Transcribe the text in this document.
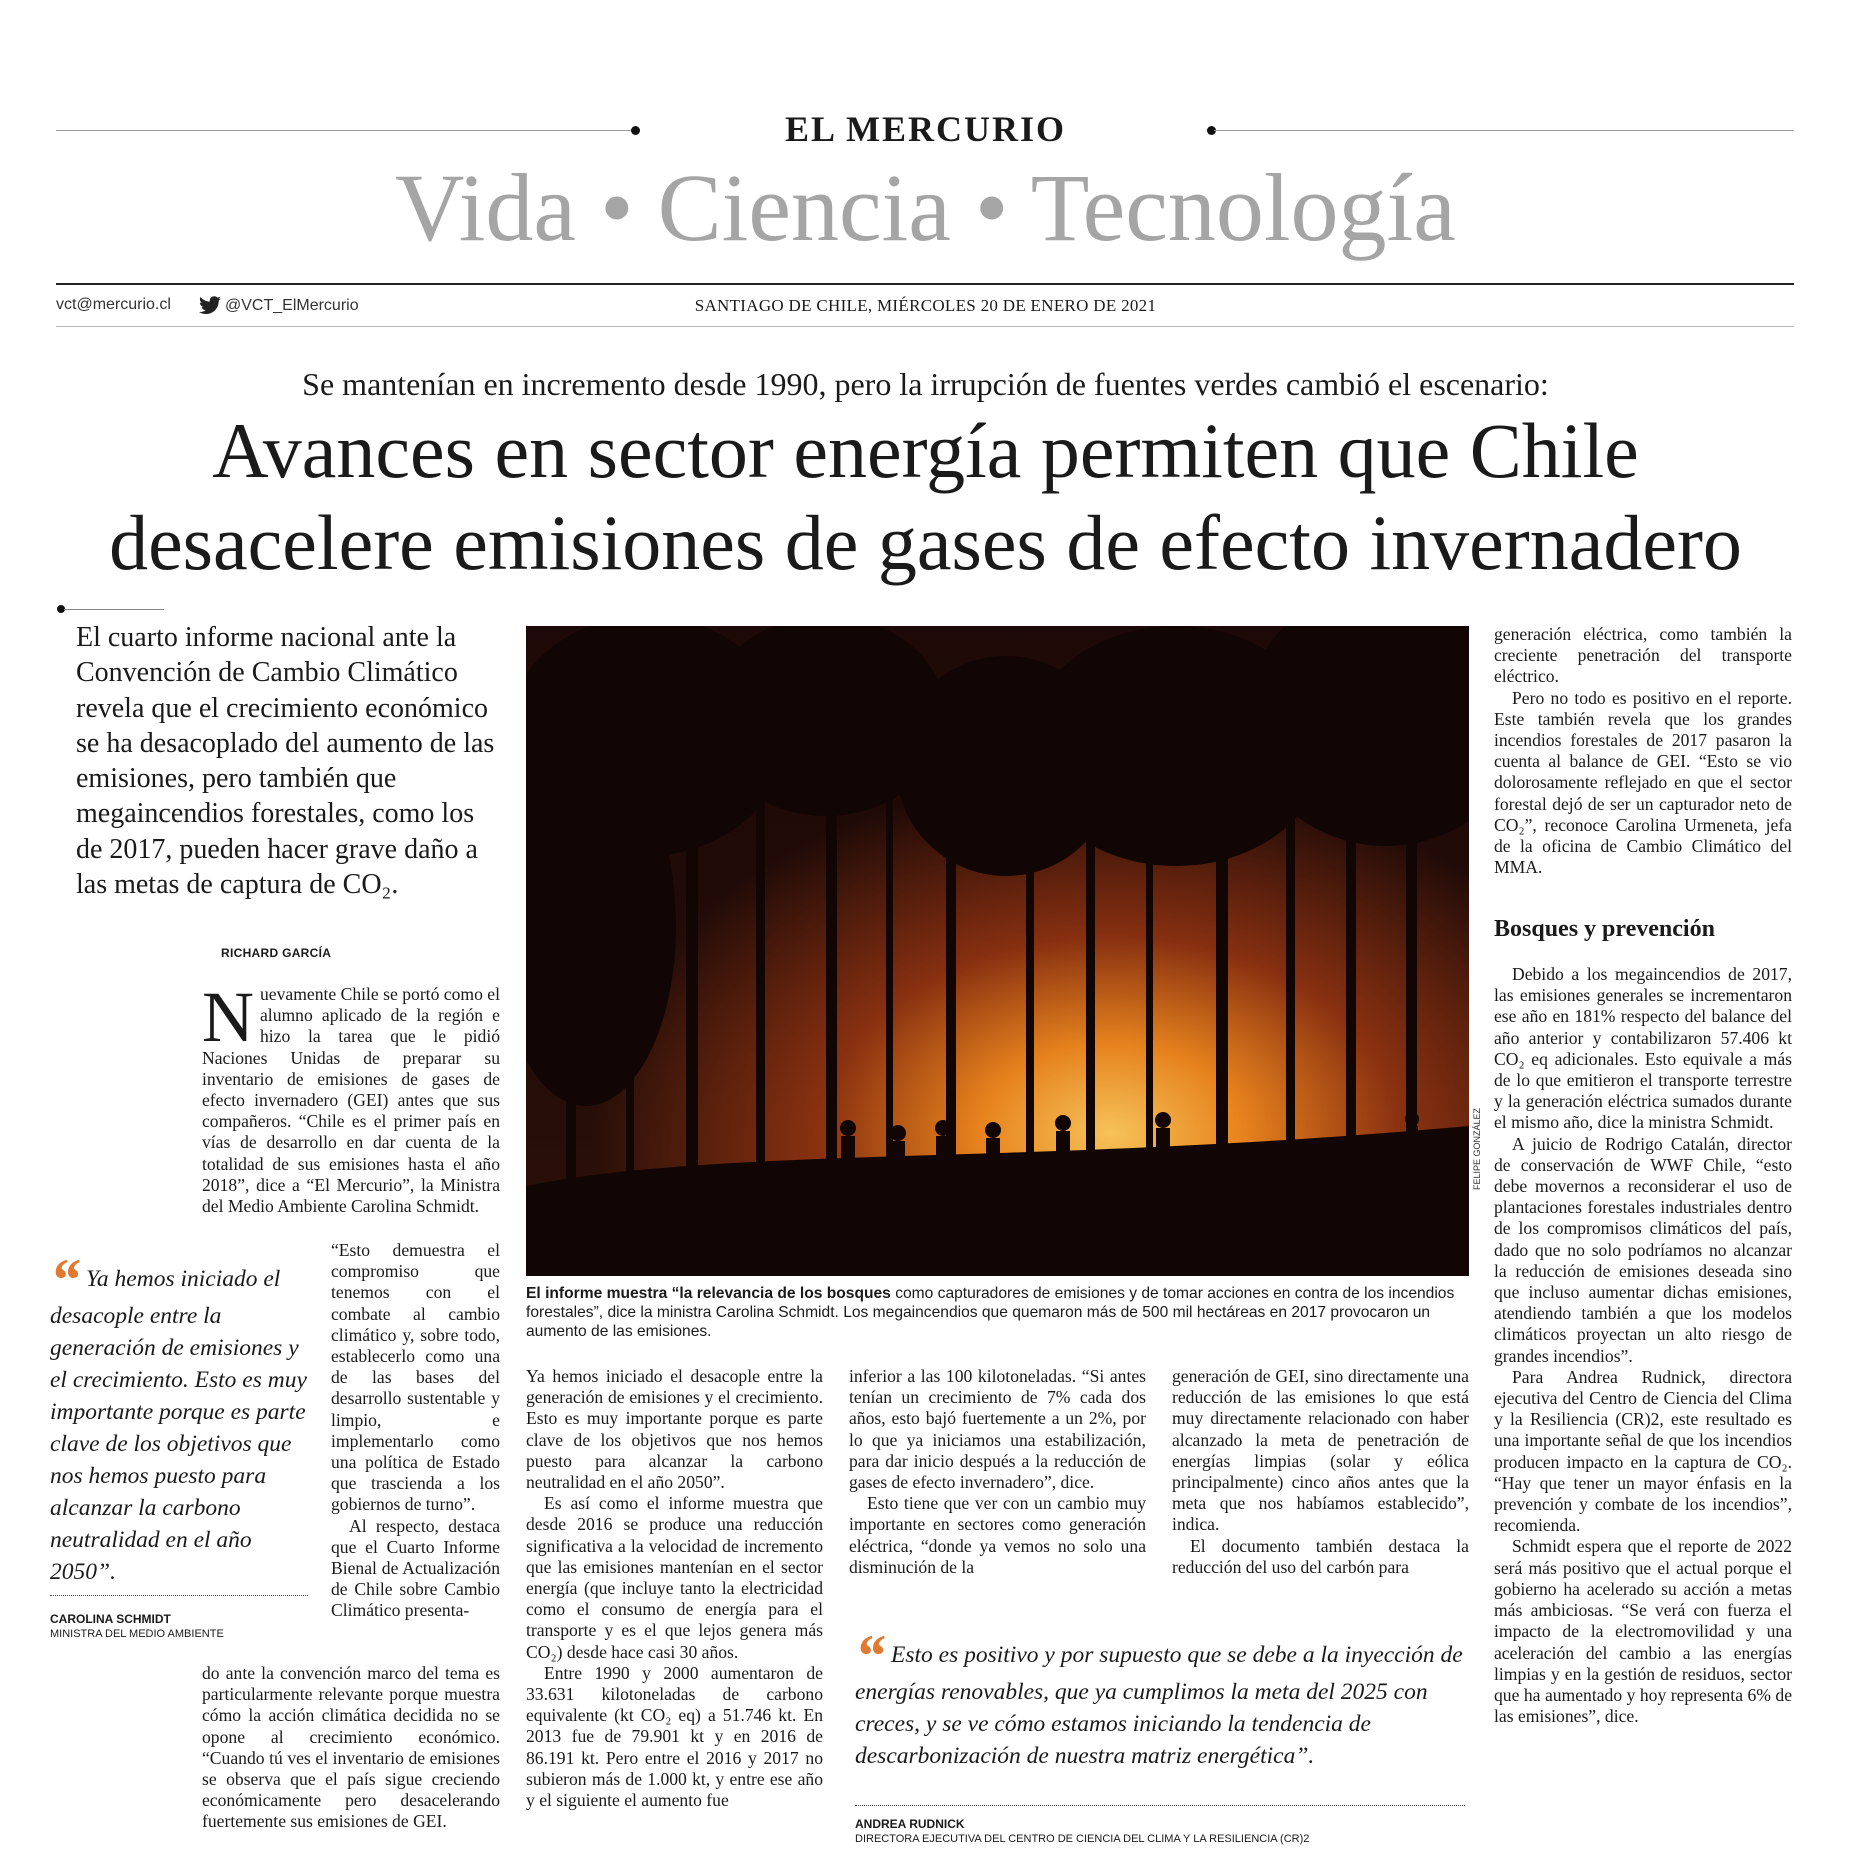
EL MERCURIO
Vida • Ciencia • Tecnología
vct@mercurio.cl	@VCT_ElMercurio	SANTIAGO DE CHILE, MIÉRCOLES 20 DE ENERO DE 2021
Se mantenían en incremento desde 1990, pero la irrupción de fuentes verdes cambió el escenario:
Avances en sector energía permiten que Chile
desacelere emisiones de gases de efecto invernadero
El cuarto informe nacional ante la Convención de Cambio Climático revela que el crecimiento económico se ha desacoplado del aumento de las emisiones, pero también que megaincendios forestales, como los de 2017, pueden hacer grave daño a las metas de captura de CO₂.
RICHARD GARCÍA

Nuevamente Chile se portó como el alumno aplicado de la región e hizo la tarea que le pidió Naciones Unidas de preparar su inventario de emisiones de gases de efecto invernadero (GEI) antes que sus compañeros. “Chile es el primer país en vías de desarrollo en dar cuenta de la totalidad de sus emisiones hasta el año 2018”, dice a “El Mercurio”, la Ministra del Medio Ambiente Carolina Schmidt.

“Esto demuestra el compromiso que tenemos con el combate al cambio climático y, sobre todo, establecerlo como una de las bases del desarrollo sustentable y limpio, e implementarlo como una política de Estado que trascienda a los gobiernos de turno”.

Al respecto, destaca que el Cuarto Informe Bienal de Actualización de Chile sobre Cambio Climático presenta-

do ante la convención marco del tema es particularmente relevante porque muestra cómo la acción climática decidida no se opone al crecimiento económico. “Cuando tú ves el inventario de emisiones se observa que el país sigue creciendo económicamente pero desacelerando fuertemente sus emisiones de GEI.

“ Ya hemos iniciado el desacople entre la generación de emisiones y el crecimiento. Esto es muy importante porque es parte clave de los objetivos que nos hemos puesto para alcanzar la carbono neutralidad en el año 2050”.
CAROLINA SCHMIDT
MINISTRA DEL MEDIO AMBIENTE
FELIPE GONZÁLEZ
El informe muestra “la relevancia de los bosques como capturadores de emisiones y de tomar acciones en contra de los incendios forestales”, dice la ministra Carolina Schmidt. Los megaincendios que quemaron más de 500 mil hectáreas en 2017 provocaron un aumento de las emisiones.

Ya hemos iniciado el desacople entre la generación de emisiones y el crecimiento. Esto es muy importante porque es parte clave de los objetivos que nos hemos puesto para alcanzar la carbono neutralidad en el año 2050”.

Es así como el informe muestra que desde 2016 se produce una reducción significativa a la velocidad de incremento que las emisiones mantenían en el sector energía (que incluye tanto la electricidad como el consumo de energía para el transporte y es el que lejos genera más CO₂) desde hace casi 30 años.

Entre 1990 y 2000 aumentaron de 33.631 kilotoneladas de carbono equivalente (kt CO₂ eq) a 51.746 kt. En 2013 fue de 79.901 kt y en 2016 de 86.191 kt. Pero entre el 2016 y 2017 no subieron más de 1.000 kt, y entre ese año y el siguiente el aumento fue

inferior a las 100 kilotoneladas. “Si antes tenían un crecimiento de 7% cada dos años, esto bajó fuertemente a un 2%, por lo que ya iniciamos una estabilización, para dar inicio después a la reducción de gases de efecto invernadero”, dice.

Esto tiene que ver con un cambio muy importante en sectores como generación eléctrica, “donde ya vemos no solo una disminución de la

generación de GEI, sino directamente una reducción de las emisiones lo que está muy directamente relacionado con haber alcanzado la meta de penetración de energías limpias (solar y eólica principalmente) cinco años antes que la meta que nos habíamos establecido”, indica.

El documento también destaca la reducción del uso del carbón para

“ Esto es positivo y por supuesto que se debe a la inyección de energías renovables, que ya cumplimos la meta del 2025 con creces, y se ve cómo estamos iniciando la tendencia de descarbonización de nuestra matriz energética”.
ANDREA RUDNICK
DIRECTORA EJECUTIVA DEL CENTRO DE CIENCIA DEL CLIMA Y LA RESILIENCIA (CR)2

generación eléctrica, como también la creciente penetración del transporte eléctrico.

Pero no todo es positivo en el reporte. Este también revela que los grandes incendios forestales de 2017 pasaron la cuenta al balance de GEI. “Esto se vio dolorosamente reflejado en que el sector forestal dejó de ser un capturador neto de CO₂”, reconoce Carolina Urmeneta, jefa de la oficina de Cambio Climático del MMA.

Bosques y prevención

Debido a los megaincendios de 2017, las emisiones generales se incrementaron ese año en 181% respecto del balance del año anterior y contabilizaron 57.406 kt CO₂ eq adicionales. Esto equivale a más de lo que emitieron el transporte terrestre y la generación eléctrica sumados durante el mismo año, dice la ministra Schmidt.

A juicio de Rodrigo Catalán, director de conservación de WWF Chile, “esto debe movernos a reconsiderar el uso de plantaciones forestales industriales dentro de los compromisos climáticos del país, dado que no solo podríamos no alcanzar la reducción de emisiones deseada sino que incluso aumentar dichas emisiones, atendiendo también a que los modelos climáticos proyectan un alto riesgo de grandes incendios”.

Para Andrea Rudnick, directora ejecutiva del Centro de Ciencia del Clima y la Resiliencia (CR)2, este resultado es una importante señal de que los incendios producen impacto en la captura de CO₂. “Hay que tener un mayor énfasis en la prevención y combate de los incendios”, recomienda.

Schmidt espera que el reporte de 2022 será más positivo que el actual porque el gobierno ha acelerado su acción a metas más ambiciosas. “Se verá con fuerza el impacto de la electromovilidad y una aceleración del cambio a las energías limpias y en la gestión de residuos, sector que ha aumentado y hoy representa 6% de las emisiones”, dice.
